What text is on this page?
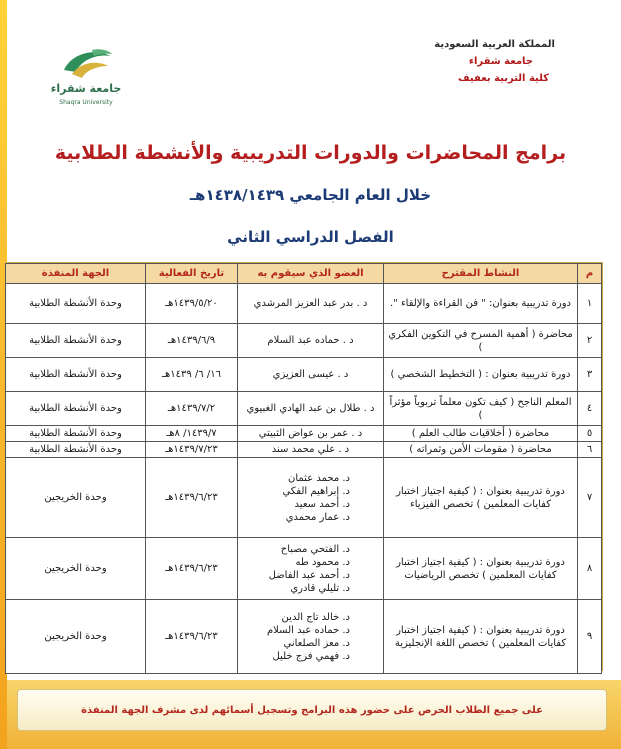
المملكة العربية السعودية
جامعة شقراء
كلية التربية بعفيف
جامعة شقراء
Shaqra University
برامج المحاضرات والدورات التدريبية والأنشطة الطلابية
خلال العام الجامعي ١٤٣٨/١٤٣٩هـ
الفصل الدراسي الثاني
م	النشاط المقترح	العضو الذي سيقوم به	تاريخ الفعالية	الجهة المنفذة
١	دورة تدريبية بعنوان: " فن القراءة والإلقاء ".	د . بدر عبد العزيز المرشدي	١٤٣٩/٥/٢٠هـ	وحدة الأنشطة الطلابية
٢	محاضرة ( أهمية المسرح في التكوين الفكري )	د . حماده عبد السلام	١٤٣٩/٦/٩هـ	وحدة الأنشطة الطلابية
٣	دورة تدريبية بعنوان : ( التخطيط الشخصي )	د . عيسى العزيزي	١٦/ ٦/ ١٤٣٩هـ	وحدة الأنشطة الطلابية
٤	المعلم الناجح ( كيف تكون معلماً تربوياً مؤثراً )	د . طلال بن عبد الهادي الغبيوي	١٤٣٩/٧/٢هـ	وحدة الأنشطة الطلابية
٥	محاضرة ( أخلاقيات طالب العلم )	د . عمر بن عواض الثبيتي	١٤٣٩/٧/ ٨هـ	وحدة الأنشطة الطلابية
٦	محاضرة ( مقومات الأمن وثمراته )	د . علي محمد سند	١٤٣٩/٧/٢٣هـ	وحدة الأنشطة الطلابية
٧	دورة تدريبية بعنوان : ( كيفية اجتياز اختبار كفايات المعلمين ) تخصص الفيزياء	د. محمد عثمان
د. إبراهيم الفكي
د. أحمد سعيد
د. عمار محمدي	١٤٣٩/٦/٢٣هـ	وحدة الخريجين
٨	دورة تدريبية بعنوان : ( كيفية اجتياز اختبار كفايات المعلمين ) تخصص الرياضيات	د. الفتحي مصباح
د. محمود طه
د. أحمد عبد الفاضل
د. تليلي قادري	١٤٣٩/٦/٢٣هـ	وحدة الخريجين
٩	دورة تدريبية بعنوان : ( كيفية اجتياز اختبار كفايات المعلمين ) تخصص اللغة الإنجليزية	د. خالد تاج الدين
د. حماده عبد السلام
د. معز الصلعاني
د. فهمي فرج خليل	١٤٣٩/٦/٢٣هـ	وحدة الخريجين
على جميع الطلاب الحرص على حضور هذه البرامج وتسجيل أسمائهم لدى مشرف الجهة المنفذة
